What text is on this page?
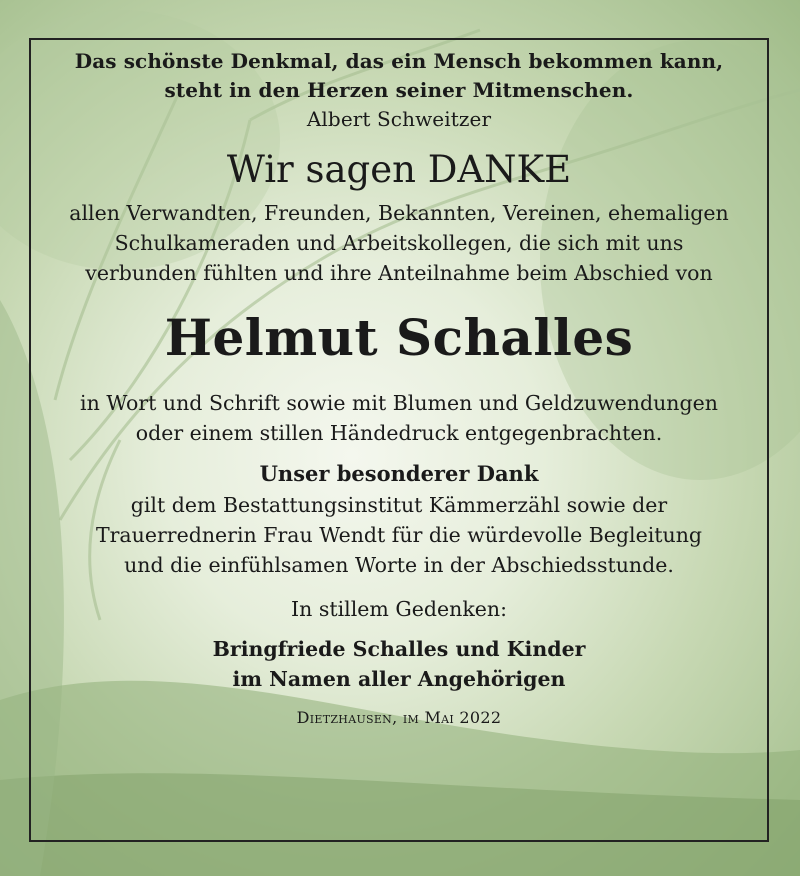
Das schönste Denkmal, das ein Mensch bekommen kann,
steht in den Herzen seiner Mitmenschen.
Albert Schweitzer
Wir sagen DANKE
allen Verwandten, Freunden, Bekannten, Vereinen, ehemaligen
Schulkameraden und Arbeitskollegen, die sich mit uns
verbunden fühlten und ihre Anteilnahme beim Abschied von
Helmut Schalles
in Wort und Schrift sowie mit Blumen und Geldzuwendungen
oder einem stillen Händedruck entgegenbrachten.
Unser besonderer Dank
gilt dem Bestattungsinstitut Kämmerzähl sowie der
Trauerrednerin Frau Wendt für die würdevolle Begleitung
und die einfühlsamen Worte in der Abschiedsstunde.
In stillem Gedenken:
Bringfriede Schalles und Kinder
im Namen aller Angehörigen
Dietzhausen, im Mai 2022
